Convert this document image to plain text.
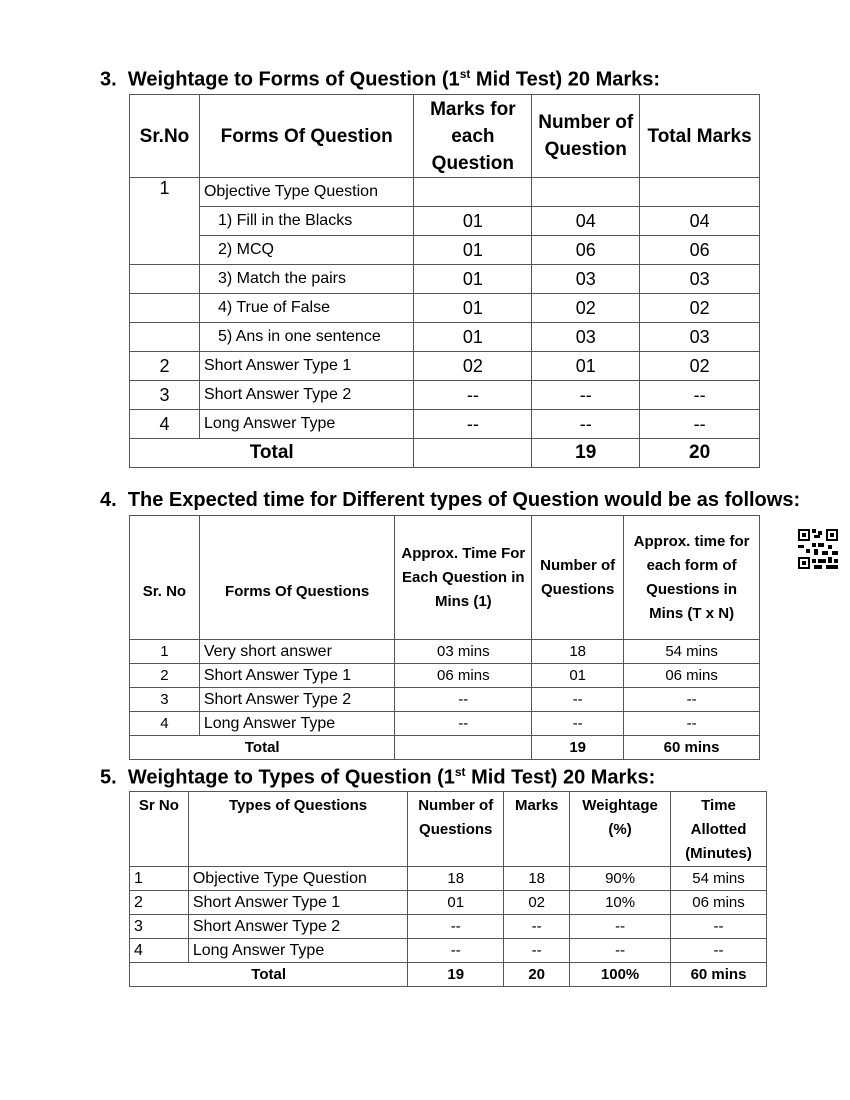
3. Weightage to Forms of Question (1st Mid Test) 20 Marks:
Sr.No	Forms Of Question	Marks for each Question	Number of Question	Total Marks
1	Objective Type Question			
	1) Fill in the Blacks	01	04	04
	2) MCQ	01	06	06
	3) Match the pairs	01	03	03
	4) True of False	01	02	02
	5) Ans in one sentence	01	03	03
2	Short Answer Type 1	02	01	02
3	Short Answer Type 2	--	--	--
4	Long Answer Type	--	--	--
Total			19	20
4. The Expected time for Different types of Question would be as follows:
Sr. No	Forms Of Questions	Approx. Time For Each Question in Mins (1)	Number of Questions	Approx. time for each form of Questions in Mins (T x N)
1	Very short answer	03 mins	18	54 mins
2	Short Answer Type 1	06 mins	01	06 mins
3	Short Answer Type 2	--	--	--
4	Long Answer Type	--	--	--
Total			19	60 mins
5. Weightage to Types of Question (1st Mid Test) 20 Marks:
Sr No	Types of Questions	Number of Questions	Marks	Weightage (%)	Time Allotted (Minutes)
1	Objective Type Question	18	18	90%	54 mins
2	Short Answer Type 1	01	02	10%	06 mins
3	Short Answer Type 2	--	--	--	--
4	Long Answer Type	--	--	--	--
Total		19	20	100%	60 mins
